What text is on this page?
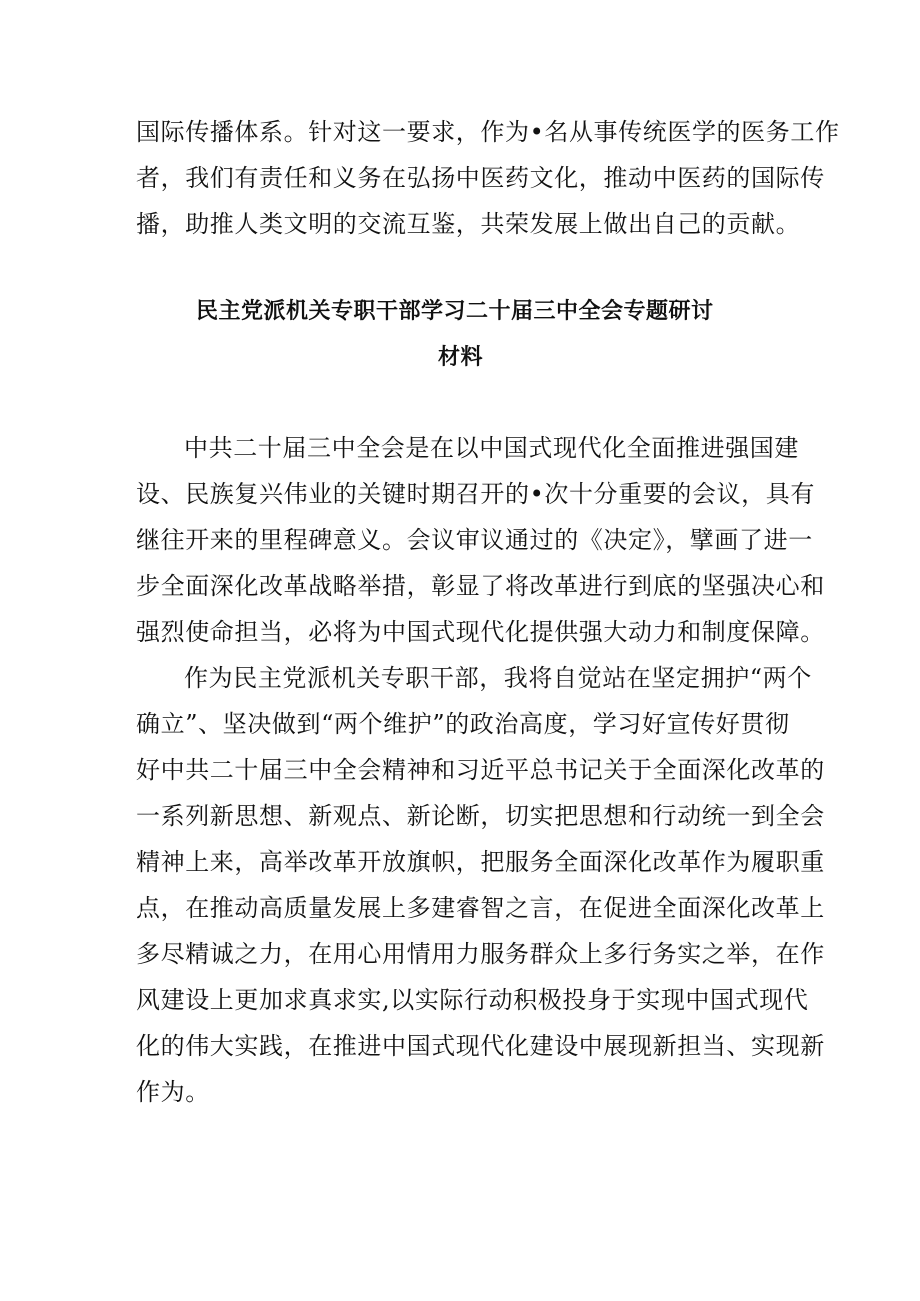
国际传播体系。针对这一要求，作为•名从事传统医学的医务工作
者，我们有责任和义务在弘扬中医药文化，推动中医药的国际传
播，助推人类文明的交流互鉴，共荣发展上做出自己的贡献。
民主党派机关专职干部学习二十届三中全会专题研讨
材料
中共二十届三中全会是在以中国式现代化全面推进强国建
设、民族复兴伟业的关键时期召开的•次十分重要的会议，具有
继往开来的里程碑意义。会议审议通过的《决定》，擘画了进一
步全面深化改革战略举措，彰显了将改革进行到底的坚强决心和
强烈使命担当，必将为中国式现代化提供强大动力和制度保障。
作为民主党派机关专职干部，我将自觉站在坚定拥护“两个
确立”、坚决做到“两个维护”的政治高度，学习好宣传好贯彻
好中共二十届三中全会精神和习近平总书记关于全面深化改革的
一系列新思想、新观点、新论断，切实把思想和行动统一到全会
精神上来，高举改革开放旗帜，把服务全面深化改革作为履职重
点，在推动高质量发展上多建睿智之言，在促进全面深化改革上
多尽精诚之力，在用心用情用力服务群众上多行务实之举，在作
风建设上更加求真求实,以实际行动积极投身于实现中国式现代
化的伟大实践，在推进中国式现代化建设中展现新担当、实现新
作为。
